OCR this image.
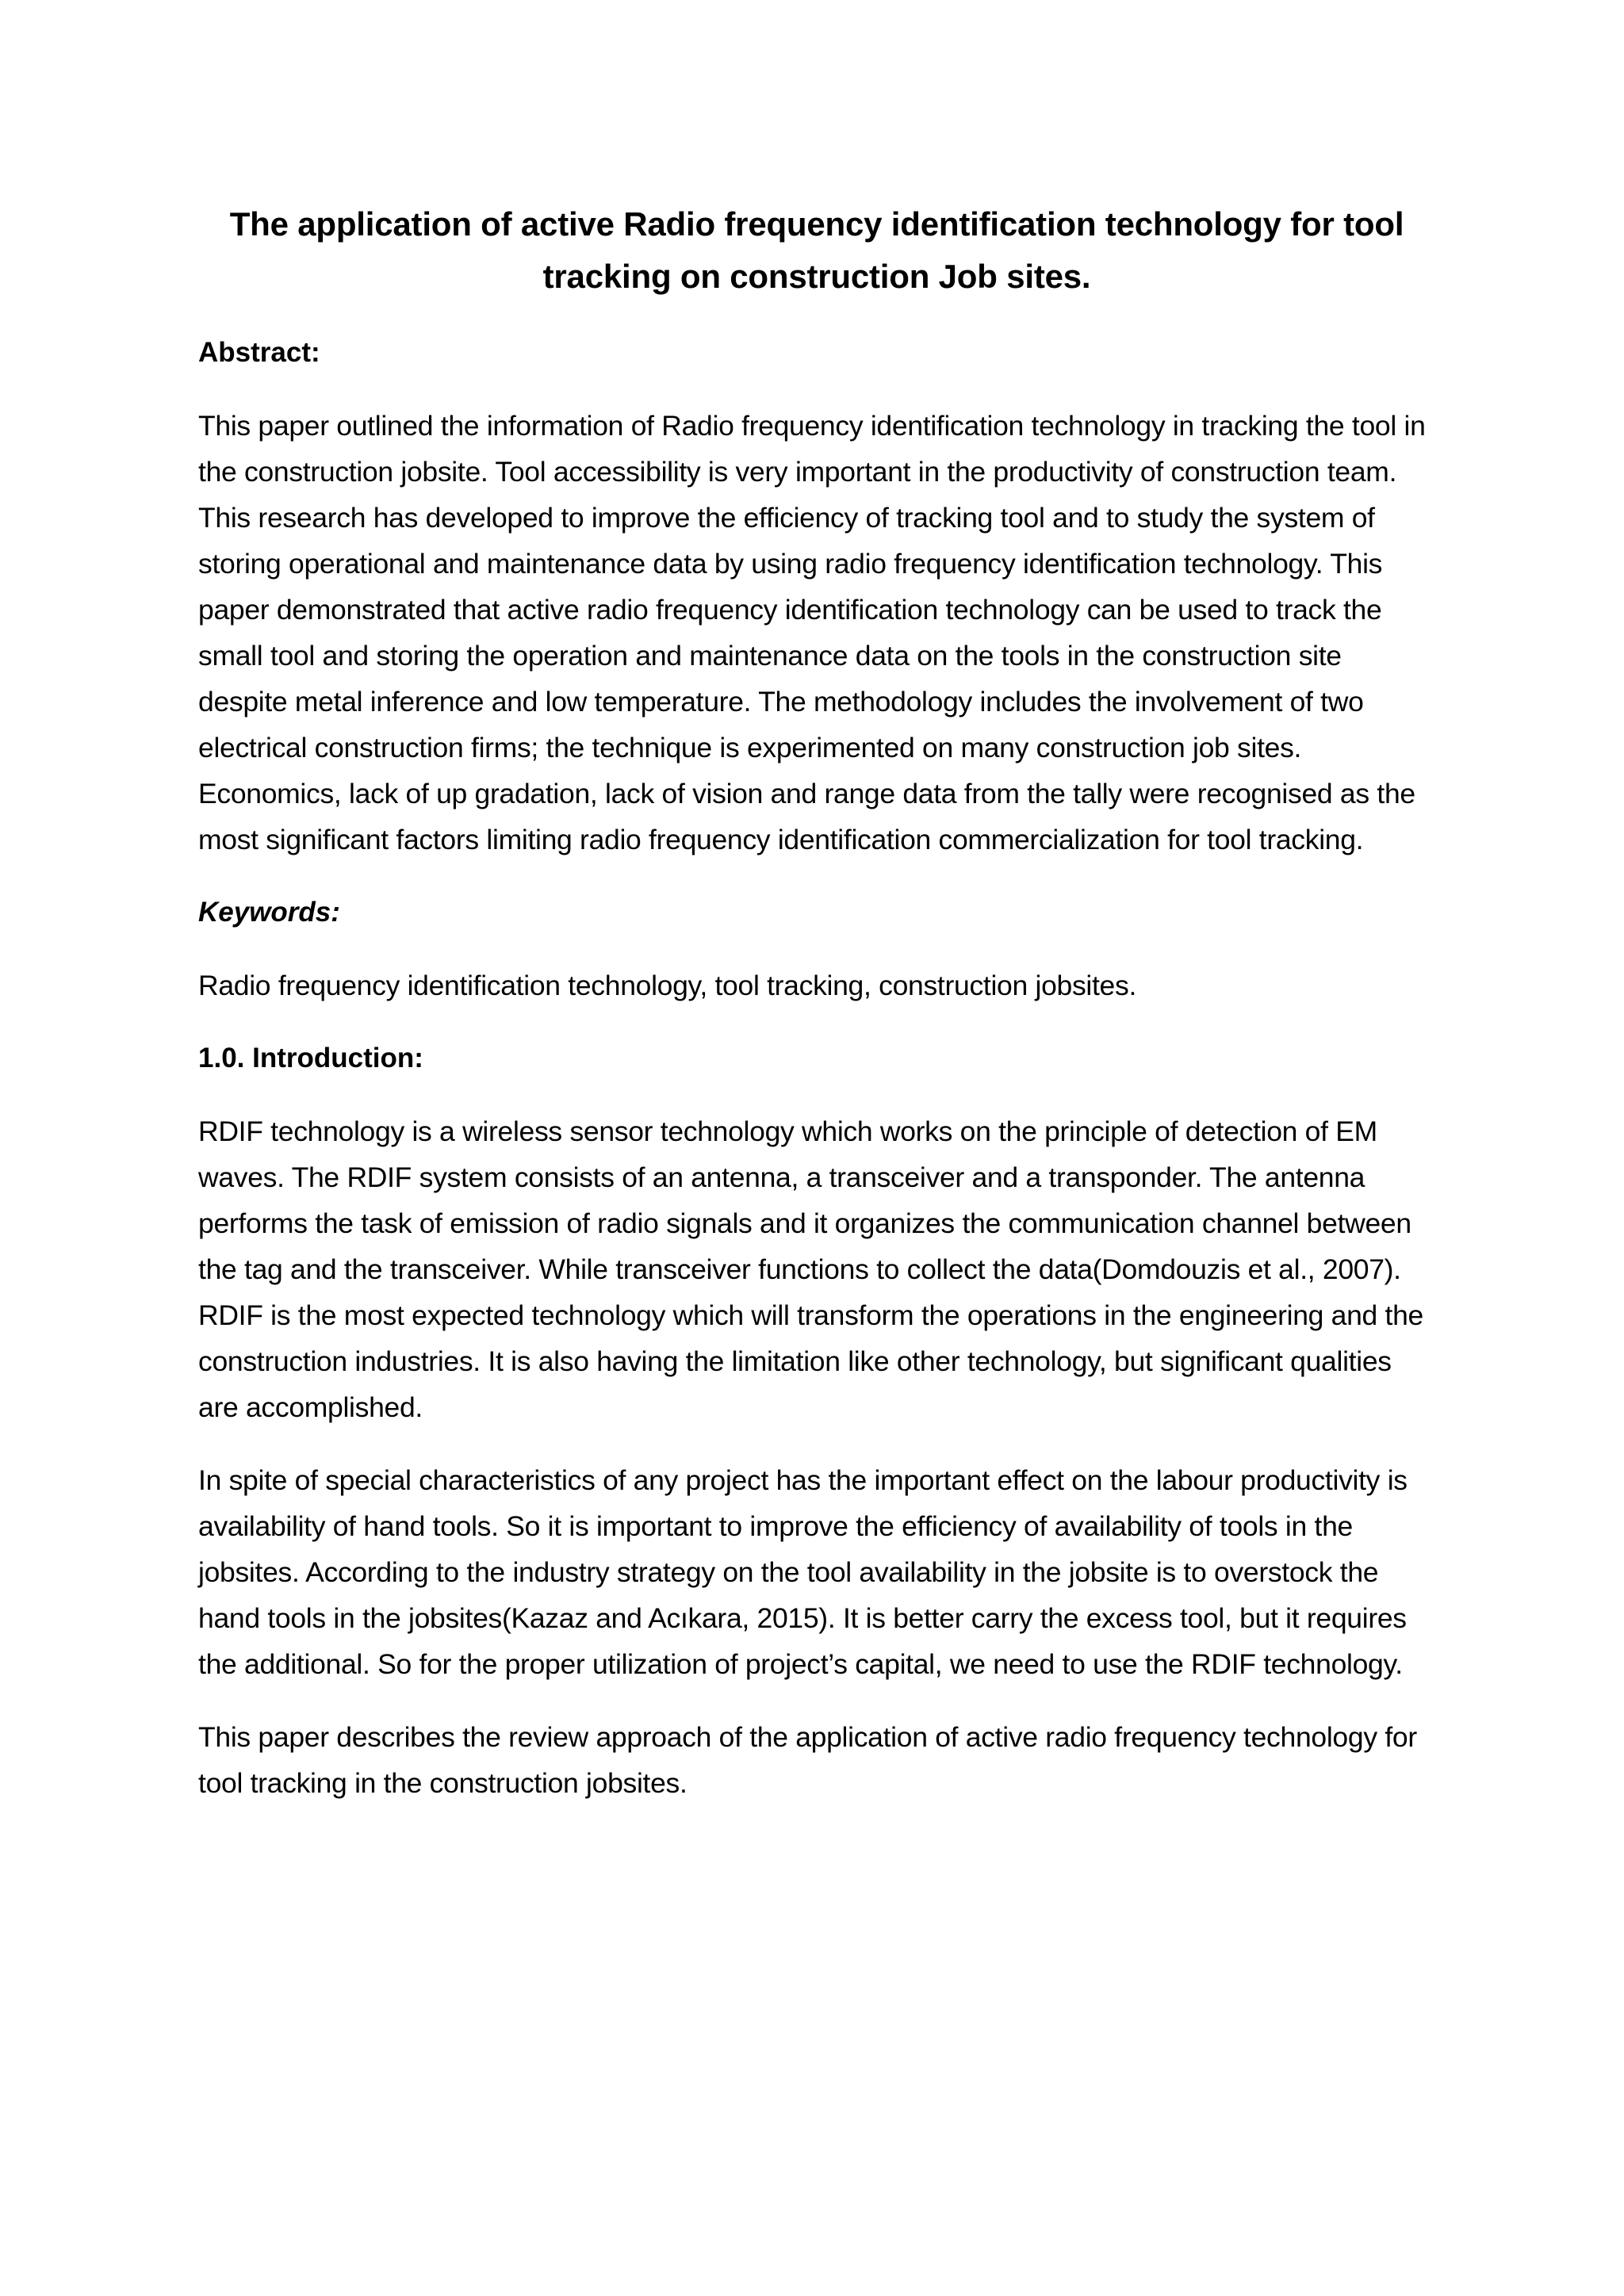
The application of active Radio frequency identification technology for tool tracking on construction Job sites.
Abstract:

This paper outlined the information of Radio frequency identification technology in tracking the tool in the construction jobsite. Tool accessibility is very important in the productivity of construction team. This research has developed to improve the efficiency of tracking tool and to study the system of storing operational and maintenance data by using radio frequency identification technology. This paper demonstrated that active radio frequency identification technology can be used to track the small tool and storing the operation and maintenance data on the tools in the construction site despite metal inference and low temperature. The methodology includes the involvement of two electrical construction firms; the technique is experimented on many construction job sites. Economics, lack of up gradation, lack of vision and range data from the tally were recognised as the most significant factors limiting radio frequency identification commercialization for tool tracking.

Keywords:

Radio frequency identification technology, tool tracking, construction jobsites.

1.0. Introduction:

RDIF technology is a wireless sensor technology which works on the principle of detection of EM waves. The RDIF system consists of an antenna, a transceiver and a transponder. The antenna performs the task of emission of radio signals and it organizes the communication channel between the tag and the transceiver. While transceiver functions to collect the data(Domdouzis et al., 2007). RDIF is the most expected technology which will transform the operations in the engineering and the construction industries. It is also having the limitation like other technology, but significant qualities are accomplished.

In spite of special characteristics of any project has the important effect on the labour productivity is availability of hand tools. So it is important to improve the efficiency of availability of tools in the jobsites. According to the industry strategy on the tool availability in the jobsite is to overstock the hand tools in the jobsites(Kazaz and Acıkara, 2015). It is better carry the excess tool, but it requires the additional. So for the proper utilization of project’s capital, we need to use the RDIF technology.

This paper describes the review approach of the application of active radio frequency technology for tool tracking in the construction jobsites.
